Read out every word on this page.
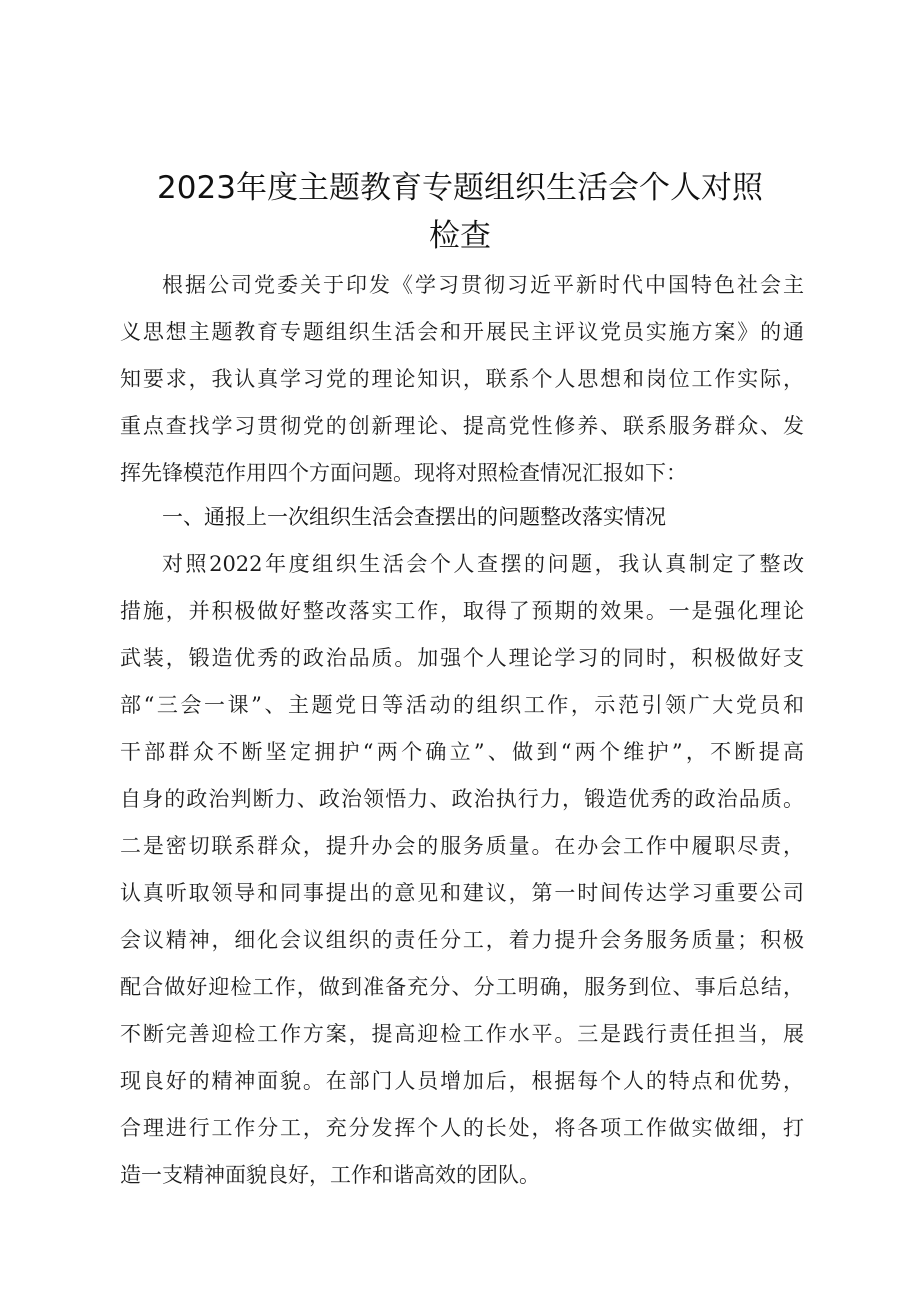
2023年度主题教育专题组织生活会个人对照
检查
根据公司党委关于印发《学习贯彻习近平新时代中国特色社会主
义思想主题教育专题组织生活会和开展民主评议党员实施方案》的通
知要求，我认真学习党的理论知识，联系个人思想和岗位工作实际，
重点查找学习贯彻党的创新理论、提高党性修养、联系服务群众、发
挥先锋模范作用四个方面问题。现将对照检查情况汇报如下：
一、通报上一次组织生活会查摆出的问题整改落实情况
对照2022年度组织生活会个人查摆的问题，我认真制定了整改
措施，并积极做好整改落实工作，取得了预期的效果。一是强化理论
武装，锻造优秀的政治品质。加强个人理论学习的同时，积极做好支
部“三会一课”、主题党日等活动的组织工作，示范引领广大党员和
干部群众不断坚定拥护“两个确立”、做到“两个维护”，不断提高
自身的政治判断力、政治领悟力、政治执行力，锻造优秀的政治品质。
二是密切联系群众，提升办会的服务质量。在办会工作中履职尽责，
认真听取领导和同事提出的意见和建议，第一时间传达学习重要公司
会议精神，细化会议组织的责任分工，着力提升会务服务质量；积极
配合做好迎检工作，做到准备充分、分工明确，服务到位、事后总结，
不断完善迎检工作方案，提高迎检工作水平。三是践行责任担当，展
现良好的精神面貌。在部门人员增加后，根据每个人的特点和优势，
合理进行工作分工，充分发挥个人的长处，将各项工作做实做细，打
造一支精神面貌良好，工作和谐高效的团队。
